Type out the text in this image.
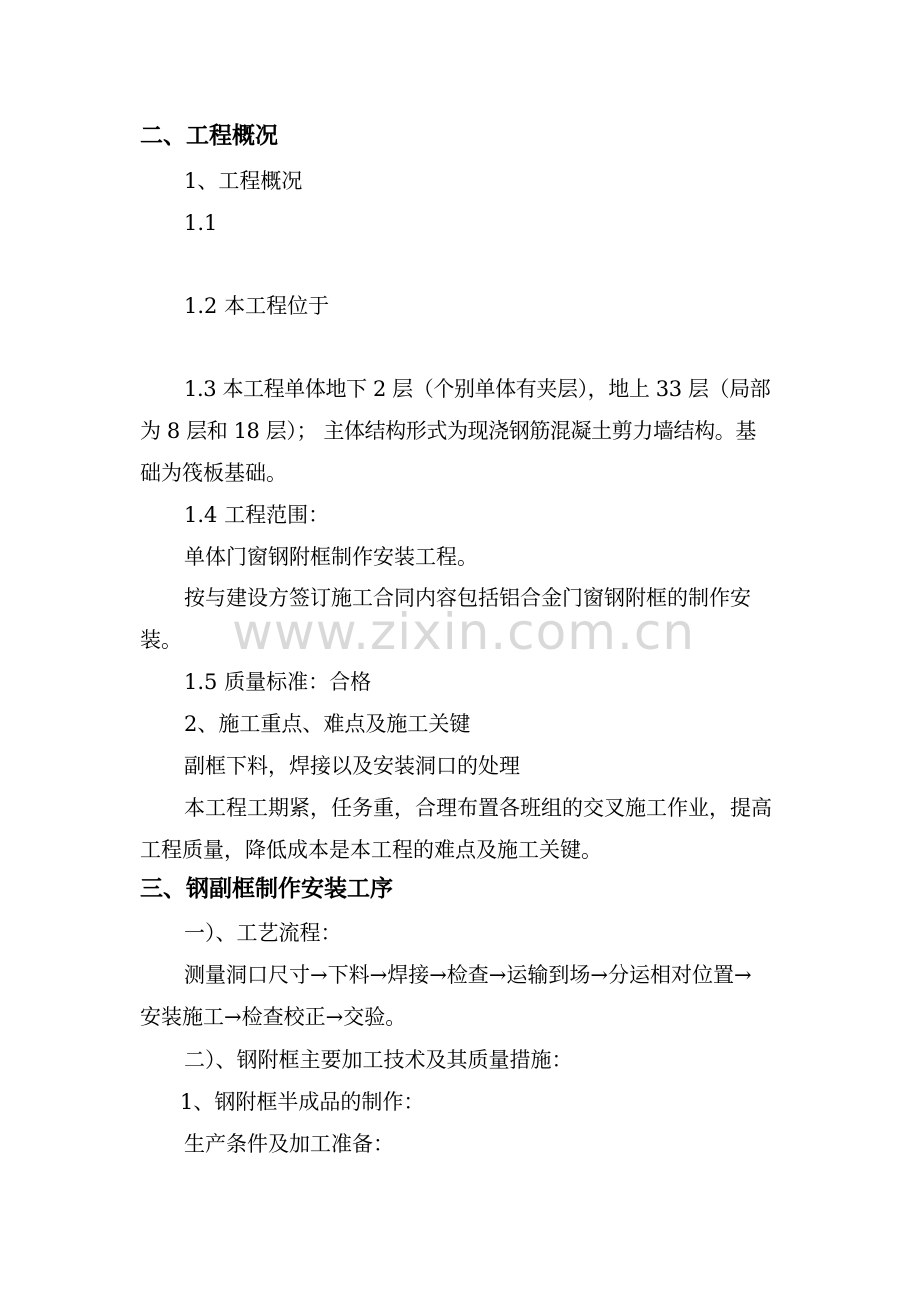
www.zixin.com.cn
二、工程概况
1、工程概况
1.1
1.2 本工程位于
1.3 本工程单体地下 2 层（个别单体有夹层），地上 33 层（局部
为 8 层和 18 层）； 主体结构形式为现浇钢筋混凝土剪力墙结构。基
础为筏板基础。
1.4 工程范围：
单体门窗钢附框制作安装工程。
按与建设方签订施工合同内容包括铝合金门窗钢附框的制作安
装。
1.5 质量标准：合格
2、施工重点、难点及施工关键
副框下料，焊接以及安装洞口的处理
本工程工期紧，任务重，合理布置各班组的交叉施工作业，提高
工程质量，降低成本是本工程的难点及施工关键。
三、钢副框制作安装工序
一）、工艺流程：
测量洞口尺寸→下料→焊接→检查→运输到场→分运相对位置→
安装施工→检查校正→交验。
二）、钢附框主要加工技术及其质量措施：
1、钢附框半成品的制作：
生产条件及加工准备：
